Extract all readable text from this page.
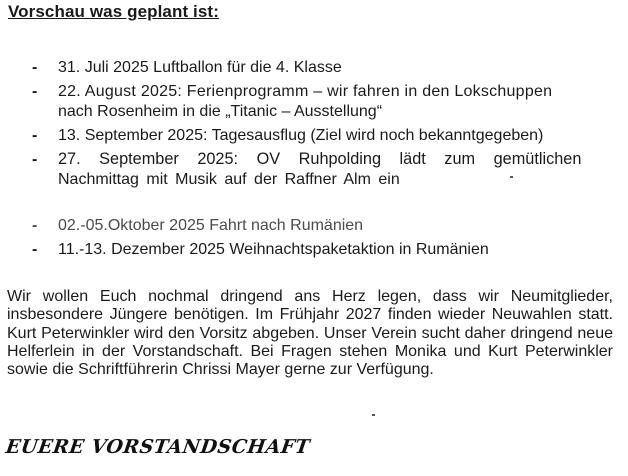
Vorschau was geplant ist:
- 31. Juli 2025 Luftballon für die 4. Klasse
- 22. August 2025: Ferienprogramm – wir fahren in den Lokschuppen
nach Rosenheim in die „Titanic – Ausstellung“
- 13. September 2025: Tagesausflug (Ziel wird noch bekanntgegeben)
- 27. September 2025: OV Ruhpolding lädt zum gemütlichen
Nachmittag mit Musik auf der Raffner Alm ein
- 02.-05.Oktober 2025 Fahrt nach Rumänien
- 11.-13. Dezember 2025 Weihnachtspaketaktion in Rumänien

Wir wollen Euch nochmal dringend ans Herz legen, dass wir Neumitglieder, insbesondere Jüngere benötigen. Im Frühjahr 2027 finden wieder Neuwahlen statt. Kurt Peterwinkler wird den Vorsitz abgeben. Unser Verein sucht daher dringend neue Helferlein in der Vorstandschaft. Bei Fragen stehen Monika und Kurt Peterwinkler sowie die Schriftführerin Chrissi Mayer gerne zur Verfügung.

EUERE VORSTANDSCHAFT
